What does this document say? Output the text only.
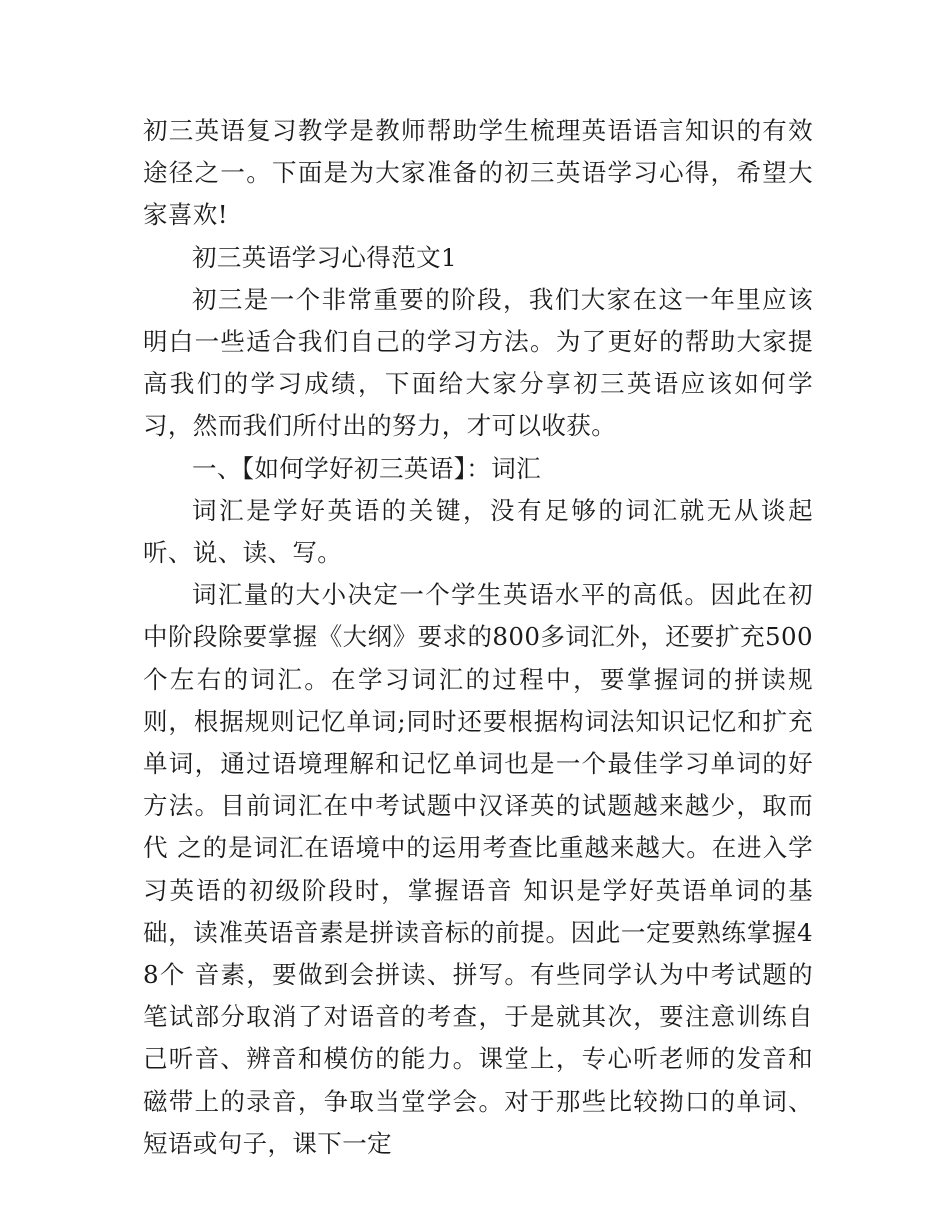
初三英语复习教学是教师帮助学生梳理英语语言知识的有效途径之一。下面是为大家准备的初三英语学习心得，希望大家喜欢!

初三英语学习心得范文1

初三是一个非常重要的阶段，我们大家在这一年里应该明白一些适合我们自己的学习方法。为了更好的帮助大家提高我们的学习成绩，下面给大家分享初三英语应该如何学习，然而我们所付出的努力，才可以收获。

一、【如何学好初三英语】：词汇

词汇是学好英语的关键，没有足够的词汇就无从谈起听、说、读、写。

词汇量的大小决定一个学生英语水平的高低。因此在初中阶段除要掌握《大纲》要求的800多词汇外，还要扩充500个左右的词汇。在学习词汇的过程中，要掌握词的拼读规则，根据规则记忆单词;同时还要根据构词法知识记忆和扩充单词，通过语境理解和记忆单词也是一个最佳学习单词的好方法。目前词汇在中考试题中汉译英的试题越来越少，取而代 之的是词汇在语境中的运用考查比重越来越大。在进入学习英语的初级阶段时，掌握语音 知识是学好英语单词的基础，读准英语音素是拼读音标的前提。因此一定要熟练掌握48个 音素，要做到会拼读、拼写。有些同学认为中考试题的笔试部分取消了对语音的考查，于是就其次，要注意训练自己听音、辨音和模仿的能力。课堂上，专心听老师的发音和磁带上的录音，争取当堂学会。对于那些比较拗口的单词、短语或句子，课下一定
